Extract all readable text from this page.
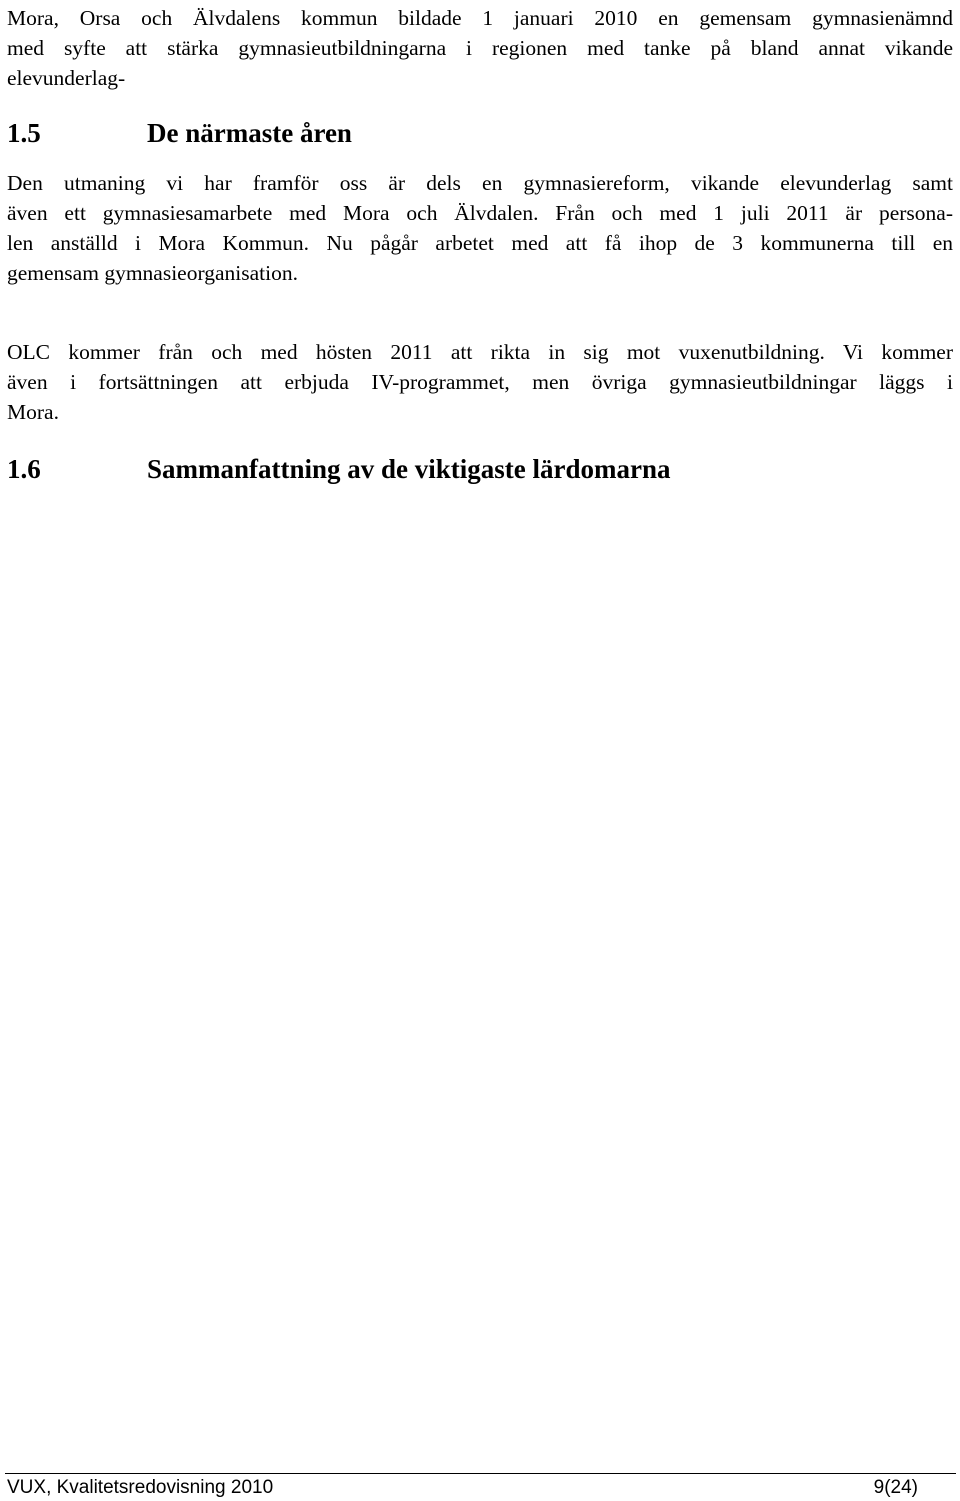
Mora, Orsa och Älvdalens kommun bildade 1 januari 2010 en gemensam gymnasienämnd
med syfte att stärka gymnasieutbildningarna i regionen med tanke på bland annat vikande
elevunderlag-
1.5	De närmaste åren
Den utmaning vi har framför oss är dels en gymnasiereform, vikande elevunderlag samt
även ett gymnasiesamarbete med Mora och Älvdalen. Från och med 1 juli 2011 är persona-
len anställd i Mora Kommun. Nu pågår arbetet med att få ihop de 3 kommunerna till en
gemensam gymnasieorganisation.
OLC kommer från och med hösten 2011 att rikta in sig mot vuxenutbildning. Vi kommer
även i fortsättningen att erbjuda IV-programmet, men övriga gymnasieutbildningar läggs i
Mora.
1.6	Sammanfattning av de viktigaste lärdomarna
VUX, Kvalitetsredovisning 2010	9(24)
